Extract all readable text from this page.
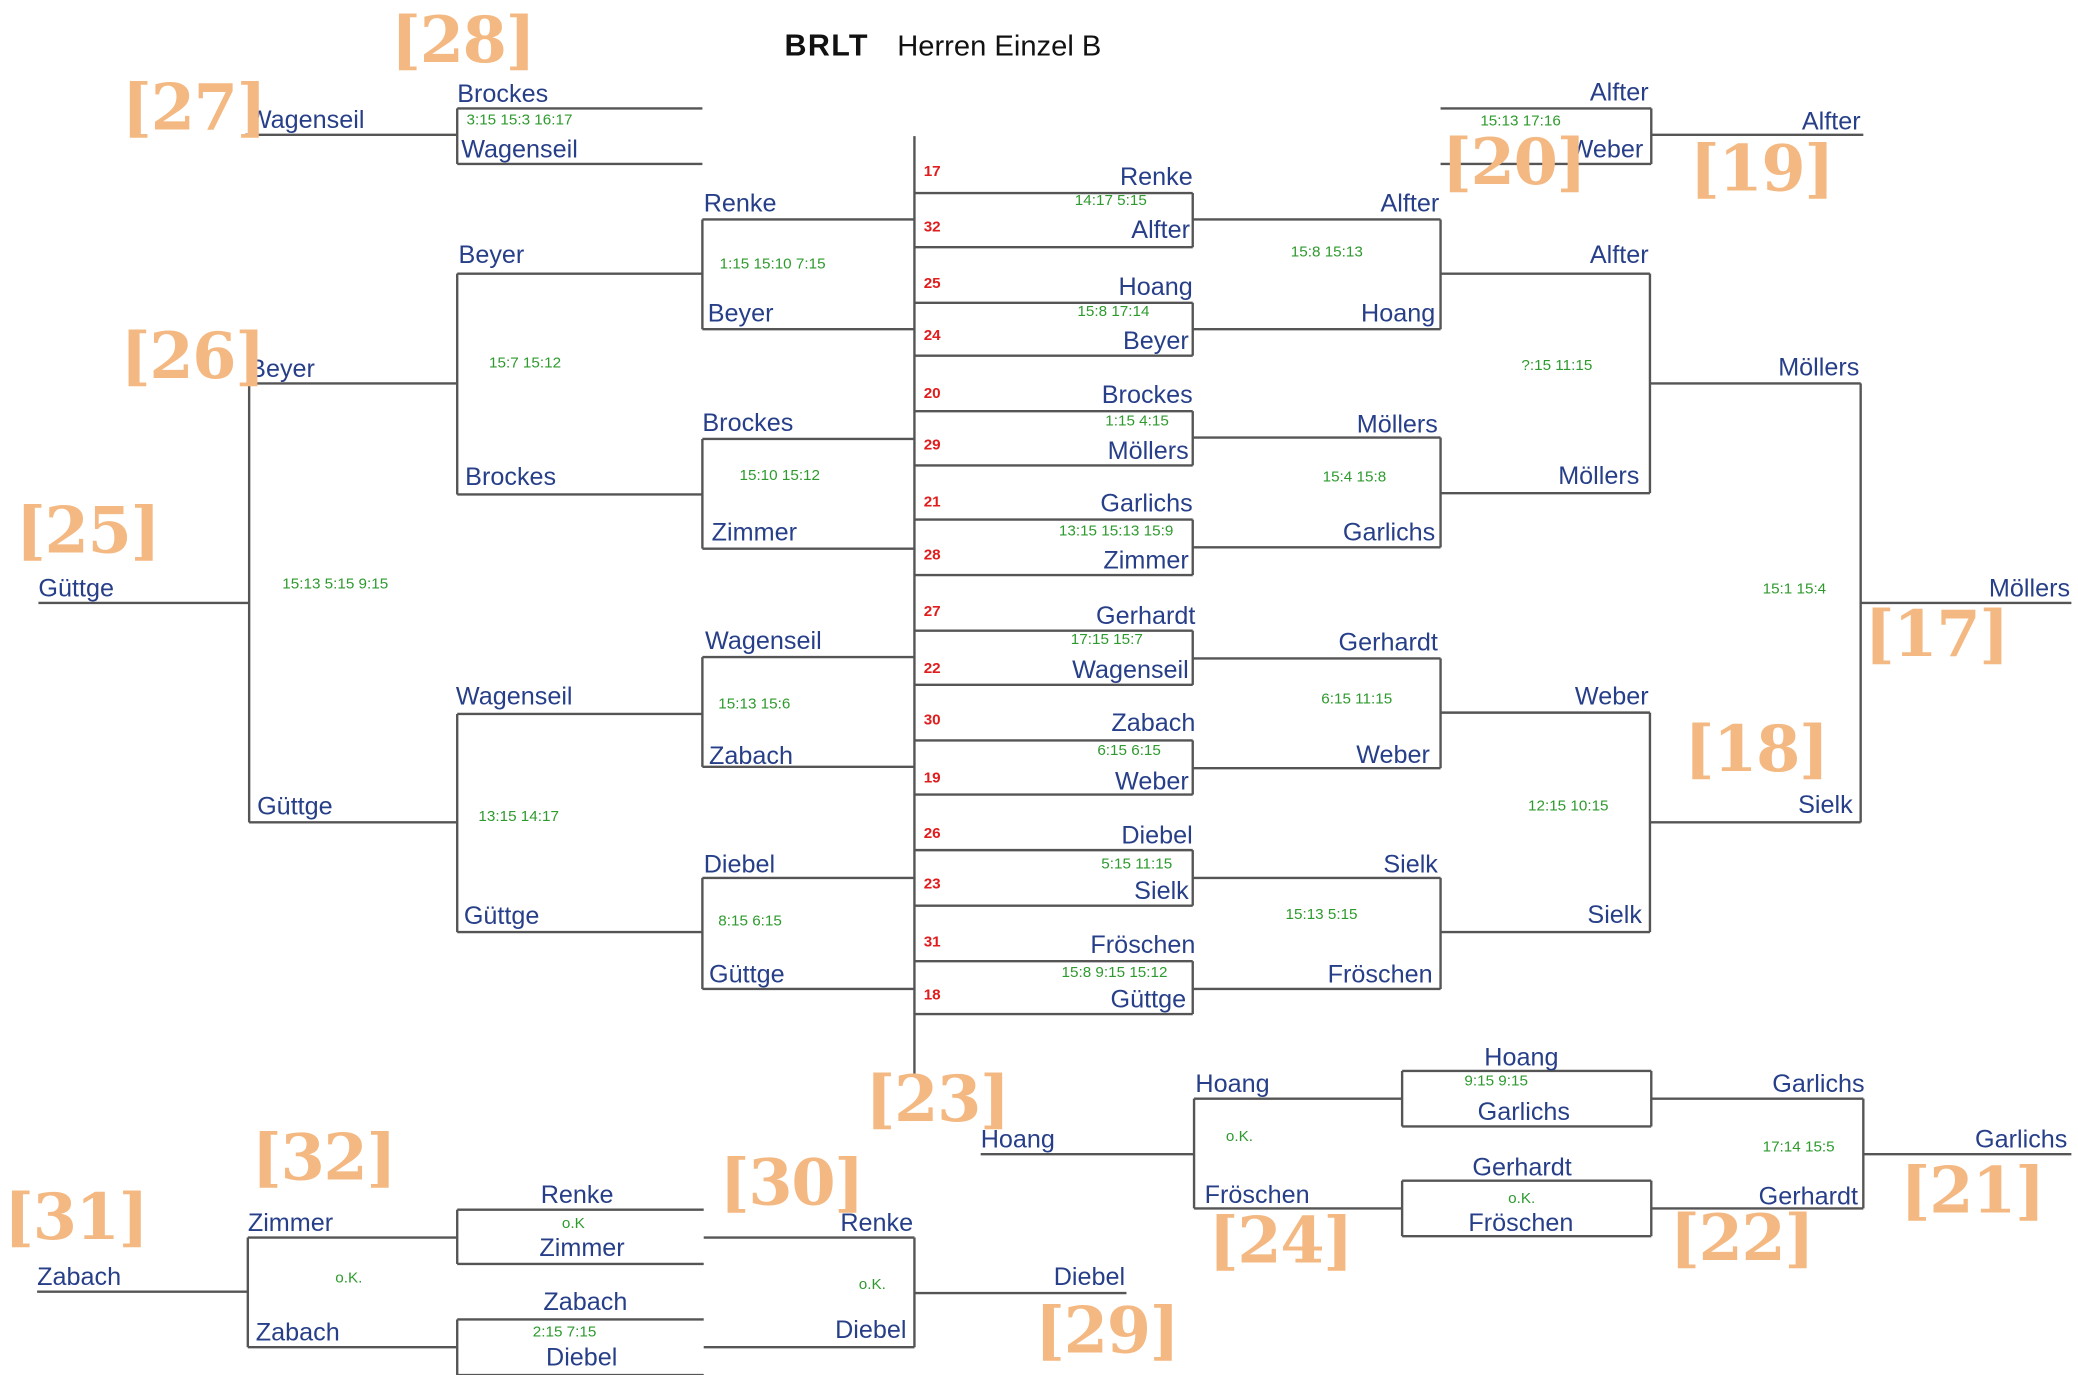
BRLT Herren Einzel B
17
32
25
24
20
29
21
28
27
22
30
19
26
23
31
18
Renke
Alfter
Hoang
Beyer
Brockes
Möllers
Garlichs
Zimmer
Gerhardt
Wagenseil
Zabach
Weber
Diebel
Sielk
Fröschen
Güttge
14:17 5:15
15:8 17:14
1:15 4:15
13:15 15:13 15:9
17:15 15:7
6:15 6:15
5:15 11:15
15:8 9:15 15:12
Alfter
Hoang
Möllers
Garlichs
Gerhardt
Weber
Sielk
Fröschen
15:8 15:13
15:4 15:8
6:15 11:15
15:13 5:15
Alfter
Möllers
Weber
Sielk
?:15 11:15
12:15 10:15
Möllers
Sielk
15:1 15:4	Möllers
Renke
Beyer
Brockes
Zimmer
Wagenseil
Zabach
Diebel
Güttge
1:15 15:10 7:15
15:10 15:12
15:13 15:6
8:15 6:15
Beyer
Brockes
Wagenseil
Güttge
15:7 15:12
13:15 14:17
Beyer
Güttge
15:13 5:15 9:15
Güttge
Brockes
Wagenseil
3:15 15:3 16:17
Wagenseil
Alfter
Weber
15:13 17:16	Alfter
Hoang
9:15 9:15
Garlichs
Gerhardt
o.K.
Fröschen
Garlichs
Gerhardt
17:14 15:5	Garlichs
Hoang
Fröschen
o.K.
Hoang
Renke
o.K
Zimmer
Zabach
2:15 7:15
Diebel
Renke
Diebel
o.K.	Diebel
Zimmer
Zabach
o.K.
Zabach
[28]
[27]
[20] [19]
[26]
[25]
[17]
[18]
[23]
[24]
[21]
[22]
[32]
[31]	[30]
[29]
